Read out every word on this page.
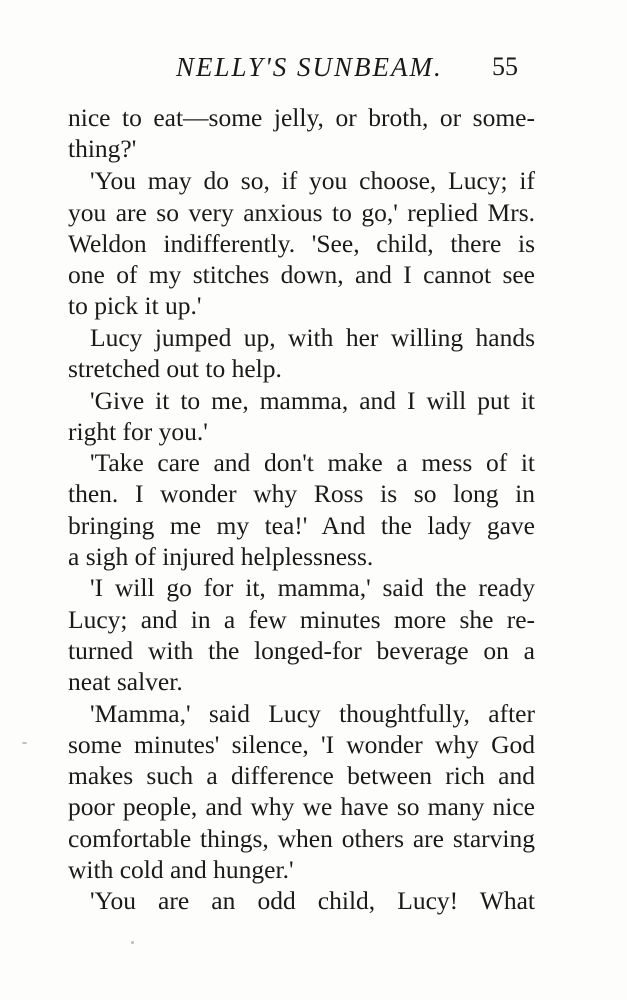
NELLY'S SUNBEAM. 55
nice to eat—some jelly, or broth, or some-
thing?'
'You may do so, if you choose, Lucy; if
you are so very anxious to go,' replied Mrs.
Weldon indifferently. 'See, child, there is
one of my stitches down, and I cannot see
to pick it up.'
Lucy jumped up, with her willing hands
stretched out to help.
'Give it to me, mamma, and I will put it
right for you.'
'Take care and don't make a mess of it
then. I wonder why Ross is so long in
bringing me my tea!' And the lady gave
a sigh of injured helplessness.
'I will go for it, mamma,' said the ready
Lucy; and in a few minutes more she re-
turned with the longed-for beverage on a
neat salver.
'Mamma,' said Lucy thoughtfully, after
some minutes' silence, 'I wonder why God
makes such a difference between rich and
poor people, and why we have so many nice
comfortable things, when others are starving
with cold and hunger.'
'You are an odd child, Lucy! What
